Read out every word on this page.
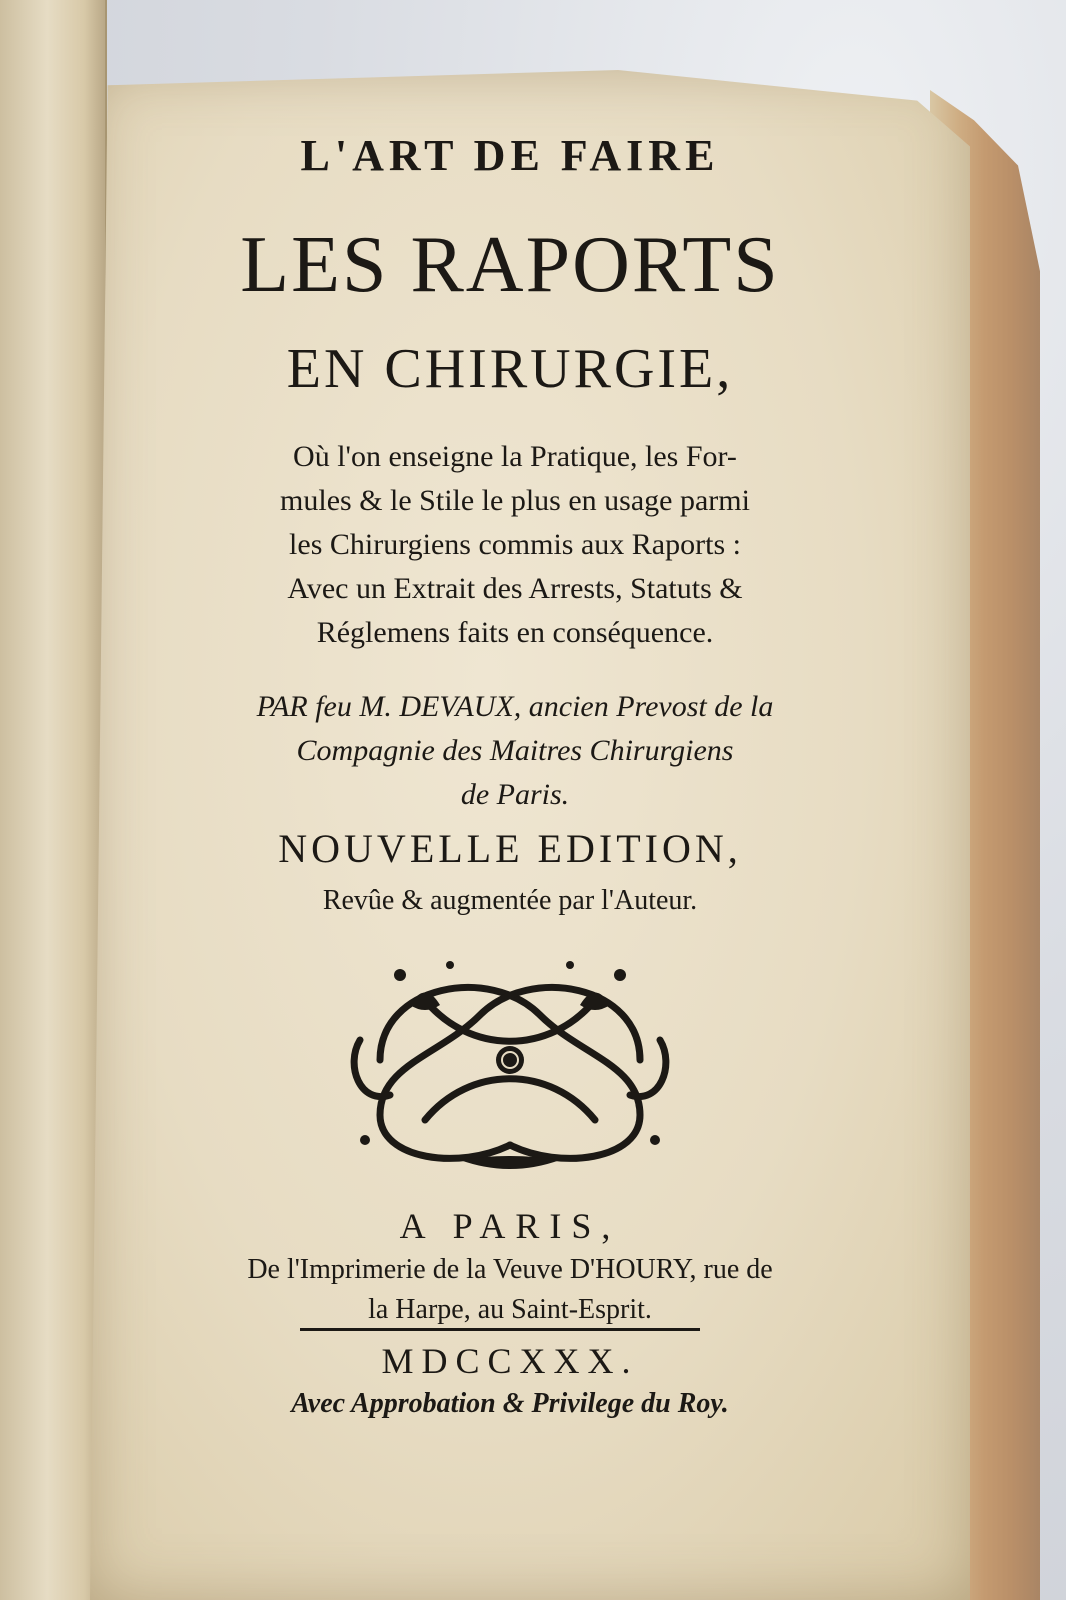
L'ART DE FAIRE
LES RAPORTS
EN CHIRURGIE,
Où l'on enseigne la Pratique, les For-
mules & le Stile le plus en usage parmi
les Chirurgiens commis aux Raports :
Avec un Extrait des Arrests, Statuts &
Réglemens faits en conséquence.
PAR feu M. DEVAUX, ancien Prevost de la
Compagnie des Maitres Chirurgiens
de Paris.
NOUVELLE EDITION,
Revûe & augmentée par l'Auteur.
A PARIS,
De l'Imprimerie de la Veuve D'HOURY, rue de
la Harpe, au Saint-Esprit.
MDCCXXX.
Avec Approbation & Privilege du Roy.
